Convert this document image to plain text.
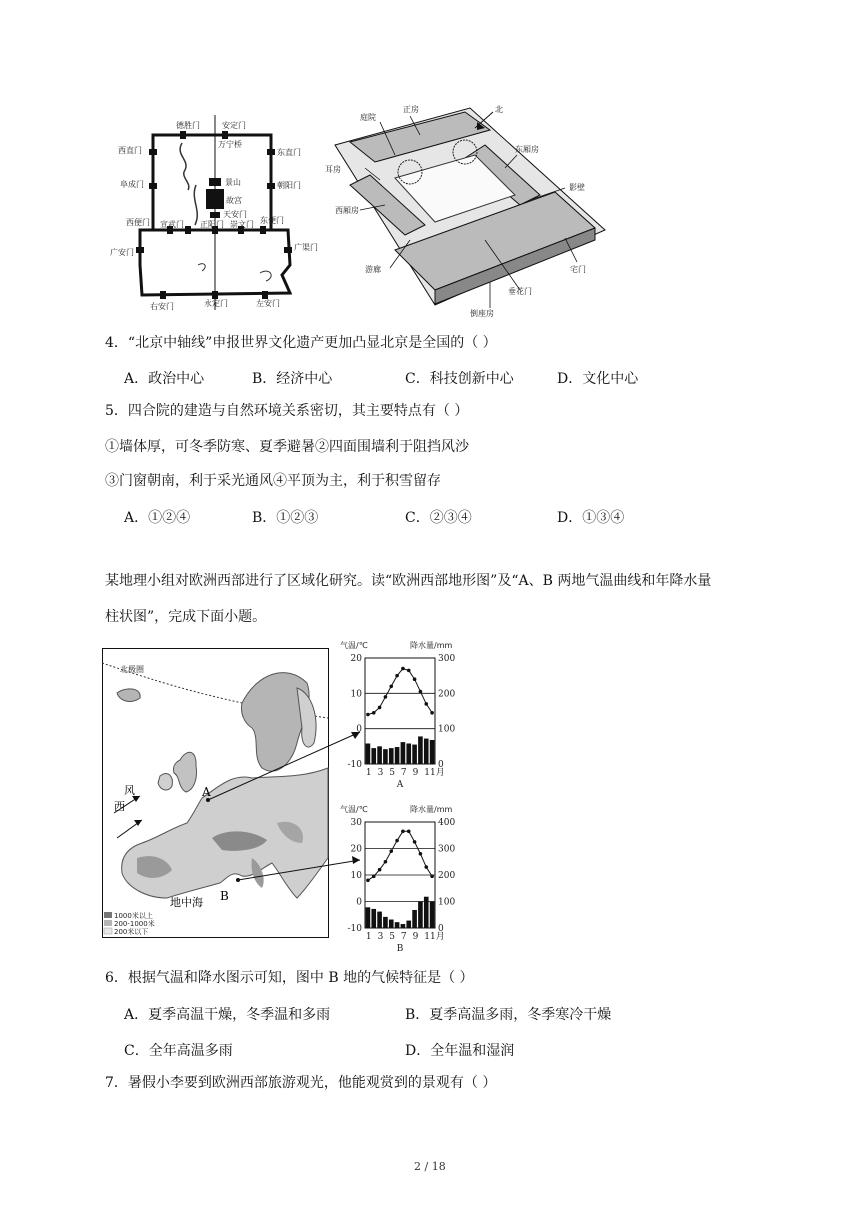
德胜门	安定门
西直门	东直门
阜成门	朝阳门
西便门 宣武门 正阳门 崇文门 东便门
广安门
广渠门
右安门	永定门	左安门
万宁桥
景山
故宫
天安门
正房
庭院
北
耳房
东厢房
影壁
西厢房
游廊
垂花门
宅门
倒座房
4．“北京中轴线”申报世界文化遗产更加凸显北京是全国的（ ）
A．政治中心	B．经济中心	C．科技创新中心	D．文化中心
5．四合院的建造与自然环境关系密切，其主要特点有（ ）
①墙体厚，可冬季防寒、夏季避暑②四面围墙利于阻挡风沙
③门窗朝南，利于采光通风④平顶为主，利于积雪留存
A．①②④	B．①②③	C．②③④	D．①③④
某地理小组对欧洲西部进行了区域化研究。读“欧洲西部地形图”及“A、B 两地气温曲线和年降水量
柱状图”，完成下面小题。
北极圈
风
西
A
B
地中海
1000米以上
200-1000米
200米以下
气温/℃	降水量/mm
20	300
10	200
0	100
-10	0
1 3 5 7 9 11月
A
气温/℃	降水量/mm
30	400
20	300
10	200
0	100
-10	0
1 3 5 7 9 11月
B
6．根据气温和降水图示可知，图中 B 地的气候特征是（ ）
A．夏季高温干燥，冬季温和多雨	B．夏季高温多雨，冬季寒冷干燥
C．全年高温多雨	D．全年温和湿润
7．暑假小李要到欧洲西部旅游观光，他能观赏到的景观有（ ）
2 / 18
